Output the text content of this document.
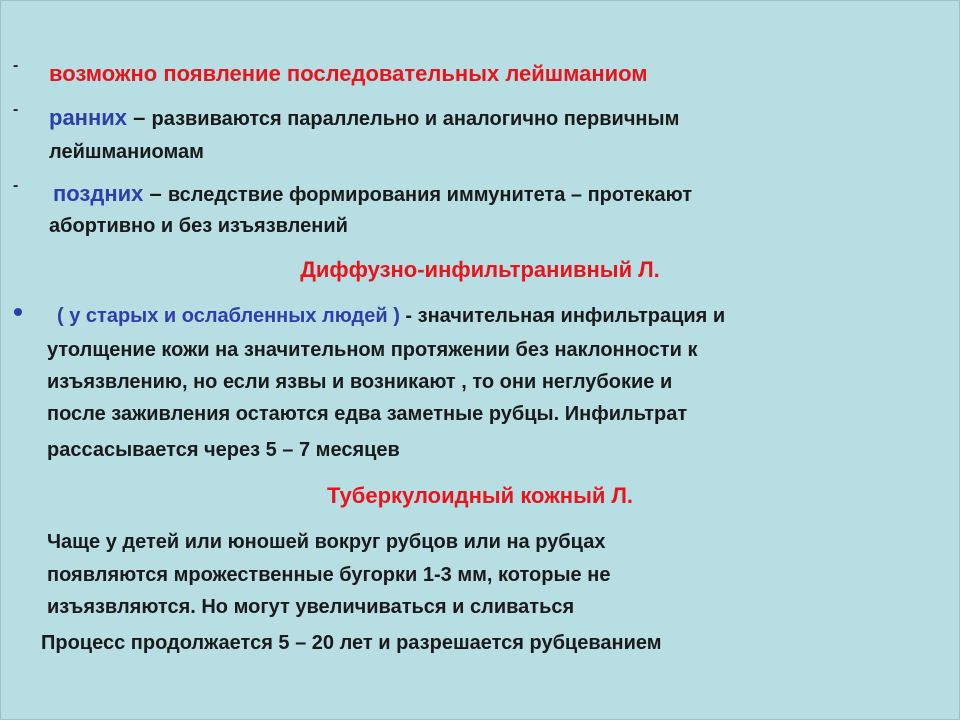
- возможно появление последовательных лейшманиом
- ранних – развиваются параллельно и аналогично первичным
лейшманиомам
- поздних – вследствие формирования иммунитета – протекают
абортивно и без изъязвлений
Диффузно-инфильтранивный Л.
( у старых и ослабленных людей ) - значительная инфильтрация и
утолщение кожи на значительном протяжении без наклонности к
изъязвлению, но если язвы и возникают , то они неглубокие и
после заживления остаются едва заметные рубцы. Инфильтрат
рассасывается через 5 – 7 месяцев
Туберкулоидный кожный Л.
Чаще у детей или юношей вокруг рубцов или на рубцах
появляются мрожественные бугорки 1-3 мм, которые не
изъязвляются. Но могут увеличиваться и сливаться
Процесс продолжается 5 – 20 лет и разрешается рубцеванием
